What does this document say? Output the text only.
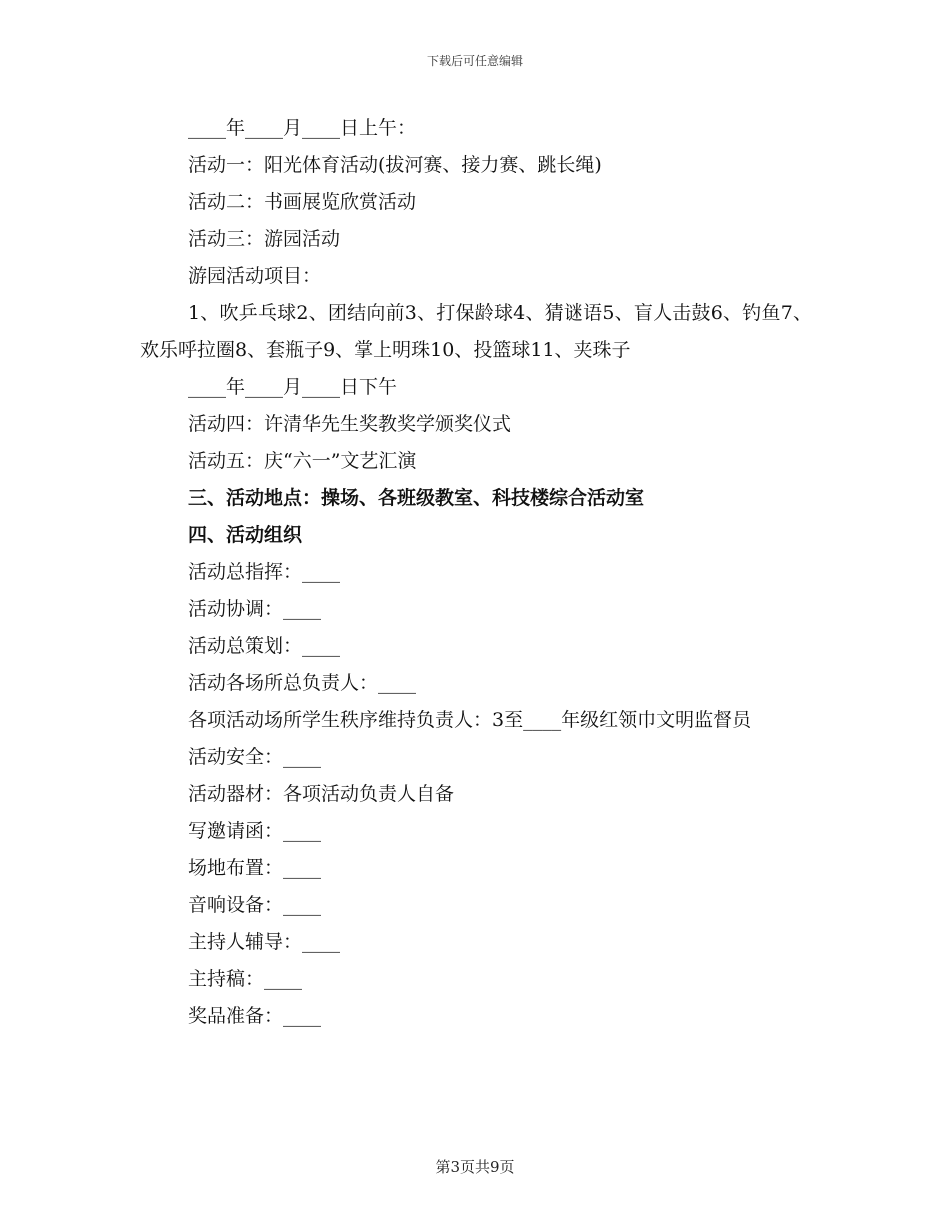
下载后可任意编辑

____年____月____日上午：

活动一：阳光体育活动(拔河赛、接力赛、跳长绳)

活动二：书画展览欣赏活动

活动三：游园活动

游园活动项目：

1、吹乒乓球2、团结向前3、打保龄球4、猜谜语5、盲人击鼓6、钓鱼7、欢乐呼拉圈8、套瓶子9、掌上明珠10、投篮球11、夹珠子

____年____月____日下午

活动四：许清华先生奖教奖学颁奖仪式

活动五：庆“六一”文艺汇演

三、活动地点：操场、各班级教室、科技楼综合活动室

四、活动组织

活动总指挥：____

活动协调：____

活动总策划：____

活动各场所总负责人：____

各项活动场所学生秩序维持负责人：3至____年级红领巾文明监督员

活动安全：____

活动器材：各项活动负责人自备

写邀请函：____

场地布置：____

音响设备：____

主持人辅导：____

主持稿：____

奖品准备：____

第3页共9页
